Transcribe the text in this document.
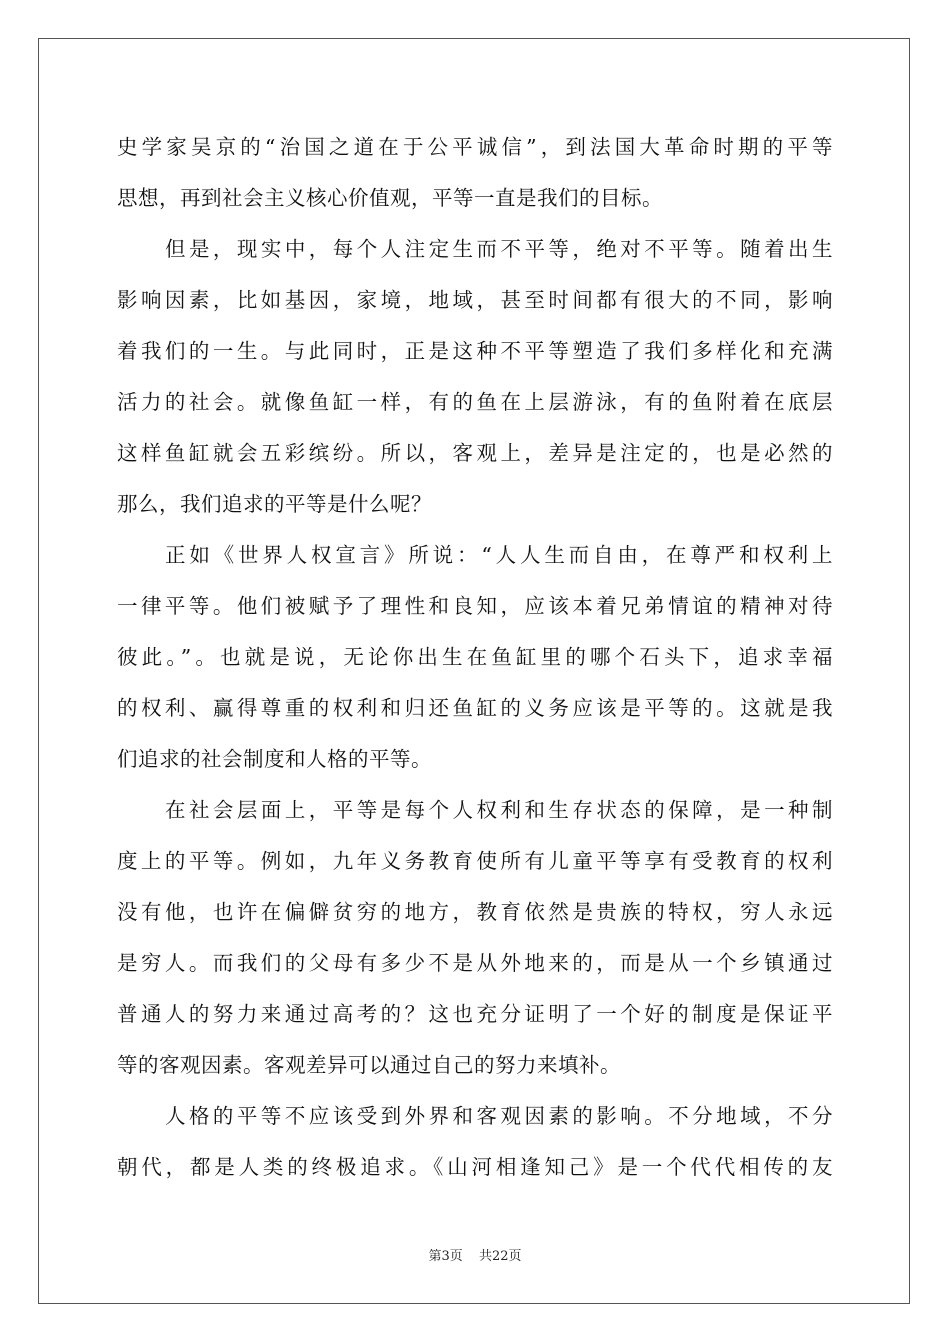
史学家吴京的“治国之道在于公平诚信”，到法国大革命时期的平等
思想，再到社会主义核心价值观，平等一直是我们的目标。
但是，现实中，每个人注定生而不平等，绝对不平等。随着出生
影响因素，比如基因，家境，地域，甚至时间都有很大的不同，影响
着我们的一生。与此同时，正是这种不平等塑造了我们多样化和充满
活力的社会。就像鱼缸一样，有的鱼在上层游泳，有的鱼附着在底层
这样鱼缸就会五彩缤纷。所以，客观上，差异是注定的，也是必然的
那么，我们追求的平等是什么呢？
正如《世界人权宣言》所说：“人人生而自由，在尊严和权利上
一律平等。他们被赋予了理性和良知，应该本着兄弟情谊的精神对待
彼此。”。也就是说，无论你出生在鱼缸里的哪个石头下，追求幸福
的权利、赢得尊重的权利和归还鱼缸的义务应该是平等的。这就是我
们追求的社会制度和人格的平等。
在社会层面上，平等是每个人权利和生存状态的保障，是一种制
度上的平等。例如，九年义务教育使所有儿童平等享有受教育的权利
没有他，也许在偏僻贫穷的地方，教育依然是贵族的特权，穷人永远
是穷人。而我们的父母有多少不是从外地来的，而是从一个乡镇通过
普通人的努力来通过高考的？这也充分证明了一个好的制度是保证平
等的客观因素。客观差异可以通过自己的努力来填补。
人格的平等不应该受到外界和客观因素的影响。不分地域，不分
朝代，都是人类的终极追求。《山河相逢知己》是一个代代相传的友
第3页 共22页
